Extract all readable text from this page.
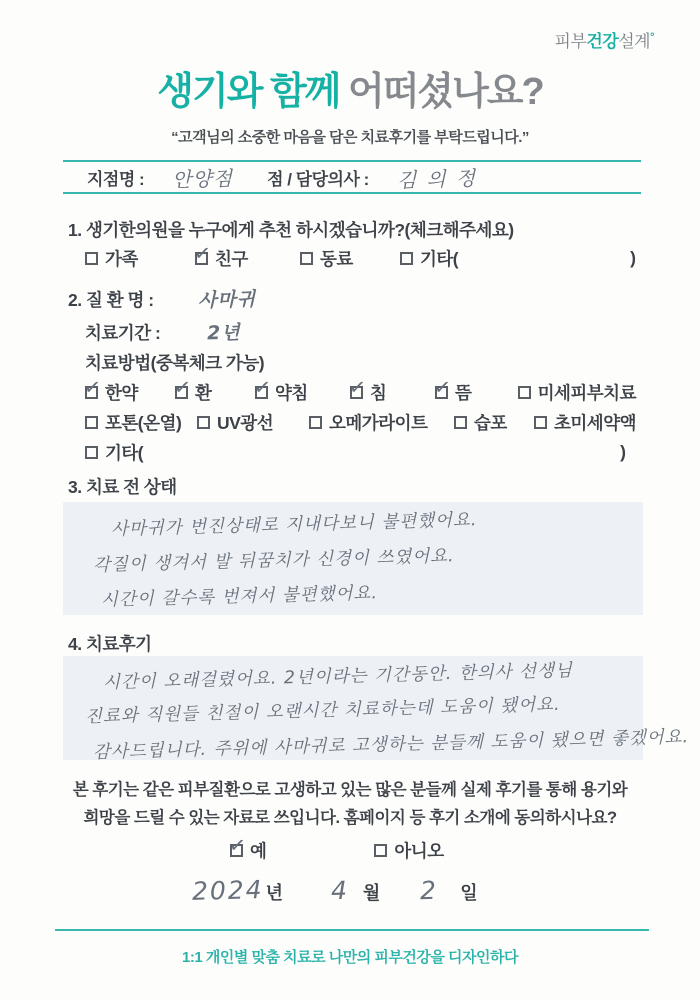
피부건강설계°
생기와 함께 어떠셨나요?
“고객님의 소중한 마음을 담은 치료후기를 부탁드립니다.”
지점명 : 안양점 점 / 담당의사 : 김의정
1. 생기한의원을 누구에게 추천 하시겠습니까?(체크해주세요)
가족	✓ 친구	동료	기타(	)
2. 질 환 명 : 사마귀
치료기간 : 2년
치료방법(중복체크 가능)
✓ 한약 ✓ 환 ✓ 약침 ✓ 침 ✓ 뜸	미세피부치료
포톤(온열) UV광선	오메가라이트	습포	초미세약액
기타(	)
3. 치료 전 상태
사마귀가 번진상태로 지내다보니 불편했어요. 각질이 생겨서 발 뒤꿈치가 신경이 쓰였어요. 시간이 갈수록 번져서 불편했어요.
4. 치료후기
시간이 오래걸렸어요. 2년이라는 기간동안. 한의사 선생님 진료와 직원들 친절이 오랜시간 치료하는데 도움이 됐어요. 감사드립니다. 주위에 사마귀로 고생하는 분들께 도움이 됐으면 좋겠어요.
본 후기는 같은 피부질환으로 고생하고 있는 많은 분들께 실제 후기를 통해 용기와
희망을 드릴 수 있는 자료로 쓰입니다. 홈페이지 등 후기 소개에 동의하시나요?
✓ 예	아니오
2024 년 4 월 2 일
1:1 개인별 맞춤 치료로 나만의 피부건강을 디자인하다
